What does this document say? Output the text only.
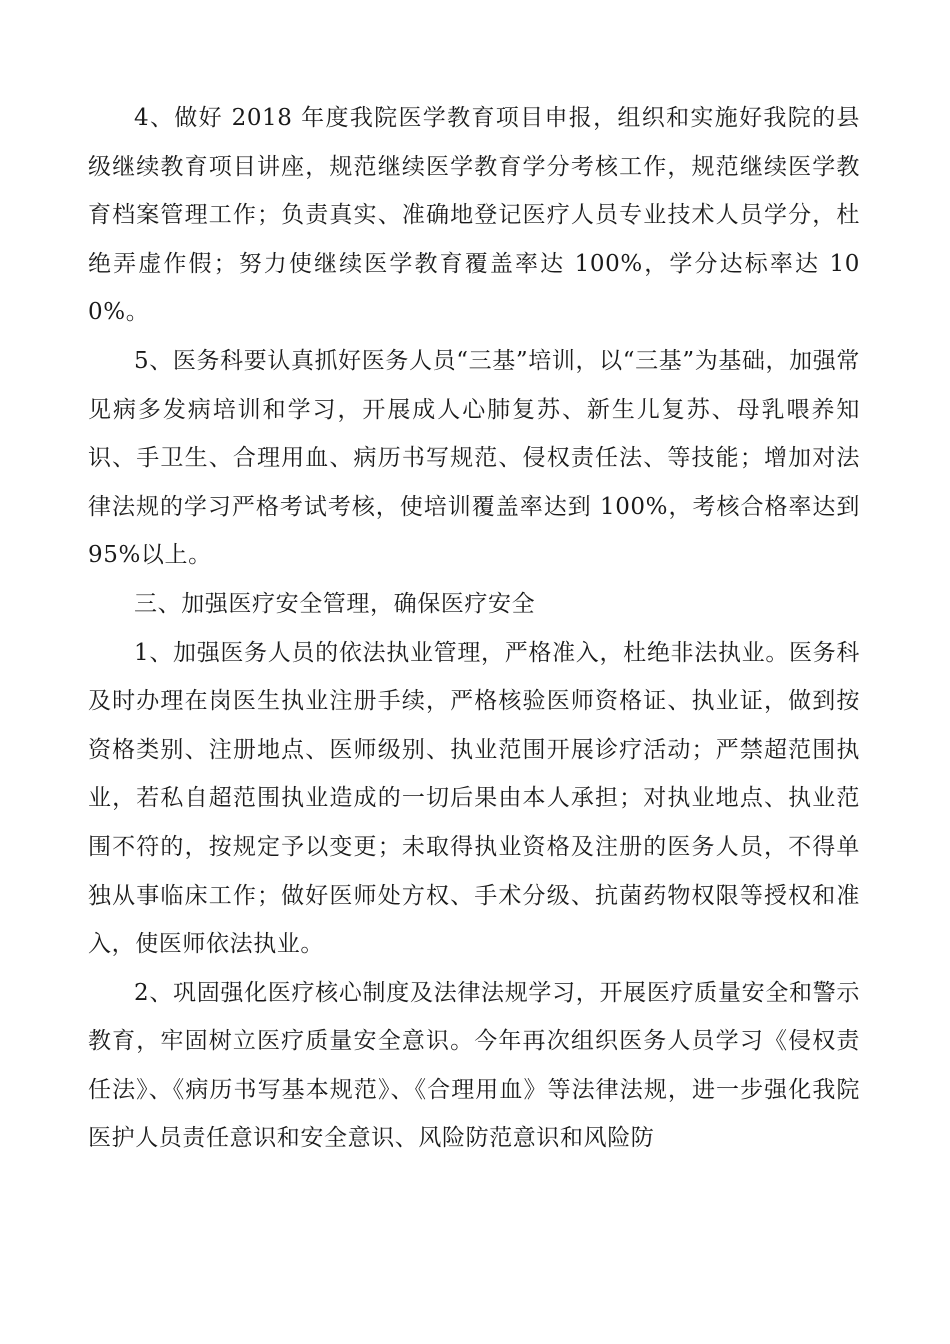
4、做好 2018 年度我院医学教育项目申报，组织和实施好我院的县级继续教育项目讲座，规范继续医学教育学分考核工作，规范继续医学教育档案管理工作；负责真实、准确地登记医疗人员专业技术人员学分，杜绝弄虚作假；努力使继续医学教育覆盖率达 100%，学分达标率达 100%。

5、医务科要认真抓好医务人员“三基”培训，以“三基”为基础，加强常见病多发病培训和学习，开展成人心肺复苏、新生儿复苏、母乳喂养知识、手卫生、合理用血、病历书写规范、侵权责任法、等技能；增加对法律法规的学习严格考试考核，使培训覆盖率达到 100%，考核合格率达到 95%以上。

三、加强医疗安全管理，确保医疗安全

1、加强医务人员的依法执业管理，严格准入，杜绝非法执业。医务科及时办理在岗医生执业注册手续，严格核验医师资格证、执业证，做到按资格类别、注册地点、医师级别、执业范围开展诊疗活动；严禁超范围执业，若私自超范围执业造成的一切后果由本人承担；对执业地点、执业范围不符的，按规定予以变更；未取得执业资格及注册的医务人员，不得单独从事临床工作；做好医师处方权、手术分级、抗菌药物权限等授权和准入，使医师依法执业。

2、巩固强化医疗核心制度及法律法规学习，开展医疗质量安全和警示教育，牢固树立医疗质量安全意识。今年再次组织医务人员学习《侵权责任法》、《病历书写基本规范》、《合理用血》等法律法规，进一步强化我院医护人员责任意识和安全意识、风险防范意识和风险防
